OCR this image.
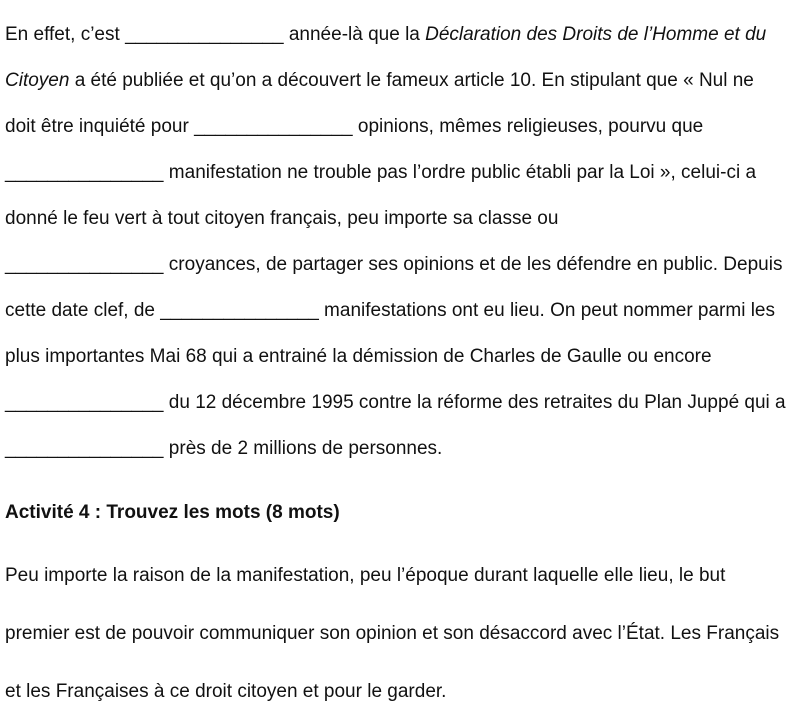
En effet, c’est _______________ année-là que la Déclaration des Droits de l’Homme et du Citoyen a été publiée et qu’on a découvert le fameux article 10. En stipulant que « Nul ne doit être inquiété pour _______________ opinions, mêmes religieuses, pourvu que _______________ manifestation ne trouble pas l’ordre public établi par la Loi », celui-ci a donné le feu vert à tout citoyen français, peu importe sa classe ou
_______________ croyances, de partager ses opinions et de les défendre en public. Depuis cette date clef, de _______________ manifestations ont eu lieu. On peut nommer parmi les plus importantes Mai 68 qui a entrainé la démission de Charles de Gaulle ou encore _______________ du 12 décembre 1995 contre la réforme des retraites du Plan Juppé qui a _______________ près de 2 millions de personnes.

Activité 4 : Trouvez les mots (8 mots)

Peu importe la raison de la manifestation, peu l’époque durant laquelle elle lieu, le but premier est de pouvoir communiquer son opinion et son désaccord avec l’État. Les Français et les Françaises à ce droit citoyen et pour le garder.
